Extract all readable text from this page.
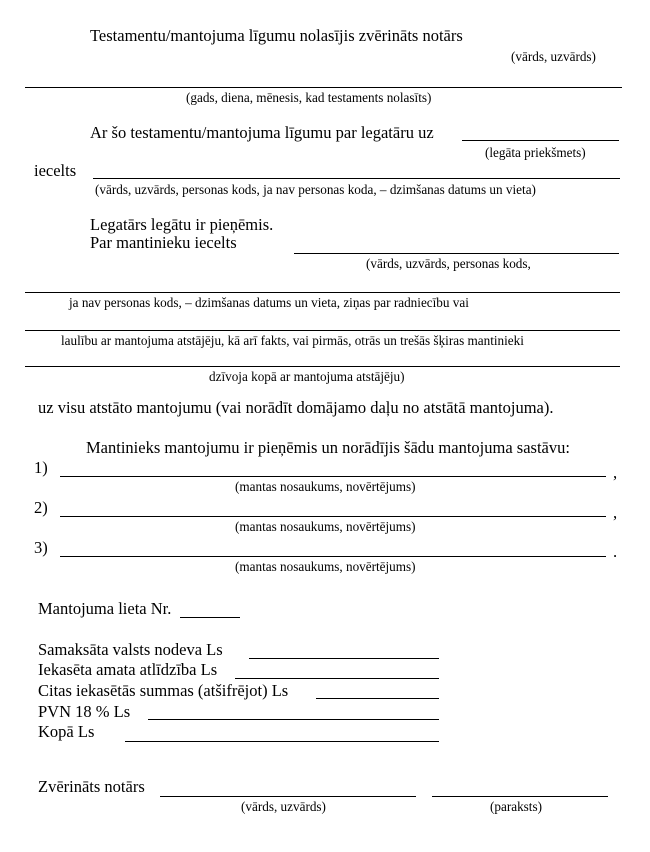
Testamentu/mantojuma līgumu nolasījis zvērināts notārs
(vārds, uzvārds)
(gads, diena, mēnesis, kad testaments nolasīts)
Ar šo testamentu/mantojuma līgumu par legatāru uz
(legāta priekšmets)
iecelts
(vārds, uzvārds, personas kods, ja nav personas koda, – dzimšanas datums un vieta)
Legatārs legātu ir pieņēmis.
Par mantinieku iecelts
(vārds, uzvārds, personas kods,
ja nav personas kods, – dzimšanas datums un vieta, ziņas par radniecību vai
laulību ar mantojuma atstājēju, kā arī fakts, vai pirmās, otrās un trešās šķiras mantinieki
dzīvoja kopā ar mantojuma atstājēju)
uz visu atstāto mantojumu (vai norādīt domājamo daļu no atstātā mantojuma).
Mantinieks mantojumu ir pieņēmis un norādījis šādu mantojuma sastāvu:
1)	,
(mantas nosaukums, novērtējums)
2)	,
(mantas nosaukums, novērtējums)
3)	.
(mantas nosaukums, novērtējums)
Mantojuma lieta Nr.
Samaksāta valsts nodeva Ls
Iekasēta amata atlīdzība Ls
Citas iekasētās summas (atšifrējot) Ls
PVN 18 % Ls
Kopā Ls
Zvērināts notārs
(vārds, uzvārds)	(paraksts)
